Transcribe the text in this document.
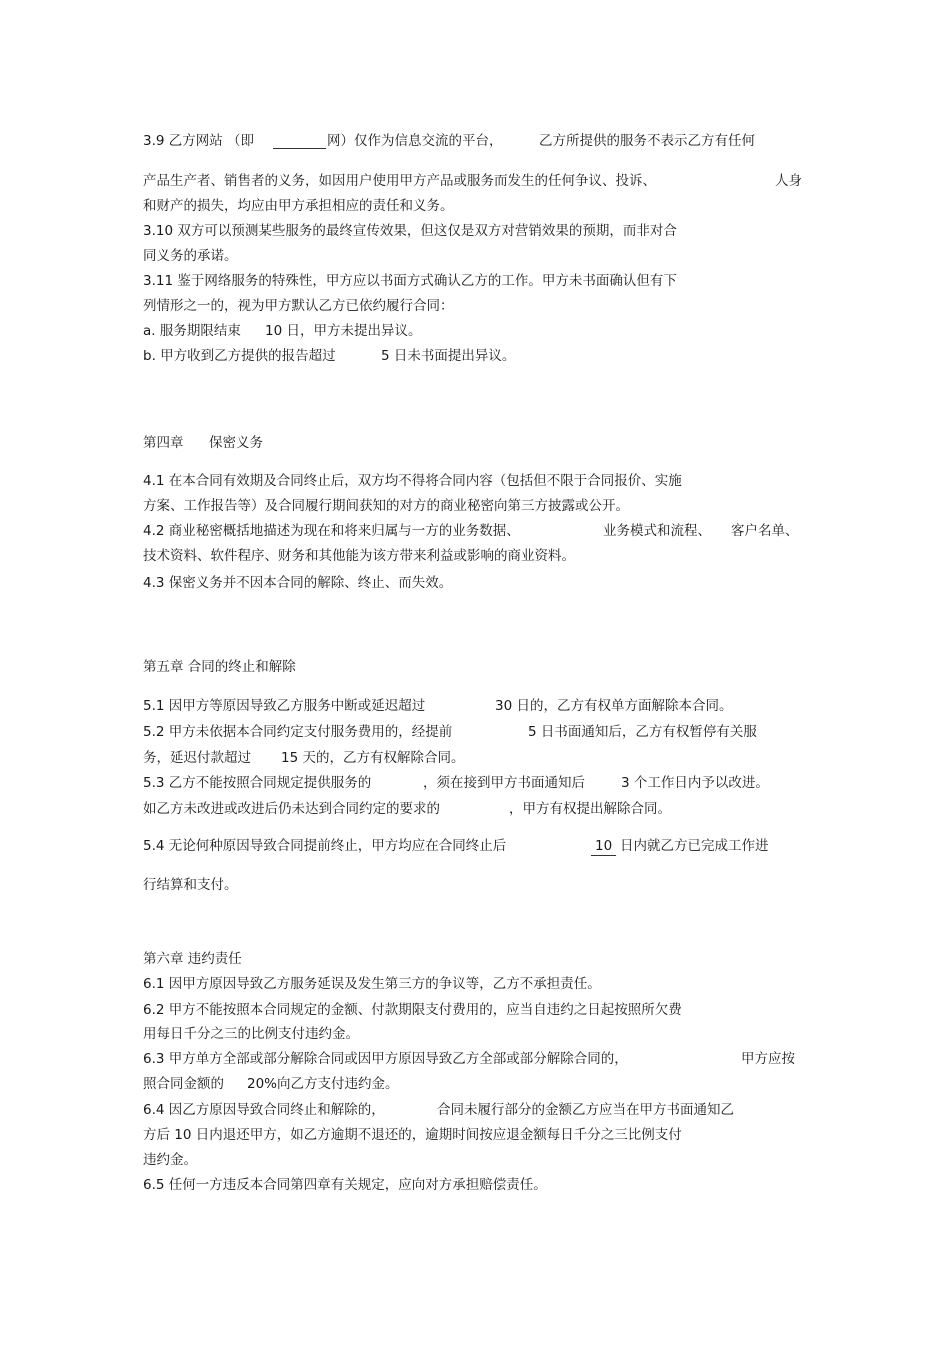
3.9 乙方网站 （即	网）仅作为信息交流的平台，	乙方所提供的服务不表示乙方有任何
产品生产者、销售者的义务，如因用户使用甲方产品或服务而发生的任何争议、投诉、	人身
和财产的损失，均应由甲方承担相应的责任和义务。
3.10 双方可以预测某些服务的最终宣传效果，但这仅是双方对营销效果的预期，而非对合
同义务的承诺。
3.11 鉴于网络服务的特殊性，甲方应以书面方式确认乙方的工作。甲方未书面确认但有下
列情形之一的，视为甲方默认乙方已依约履行合同：
a. 服务期限结束 10 日，甲方未提出异议。
b. 甲方收到乙方提供的报告超过	5 日未书面提出异议。
第四章 保密义务
4.1 在本合同有效期及合同终止后，双方均不得将合同内容（包括但不限于合同报价、实施
方案、工作报告等）及合同履行期间获知的对方的商业秘密向第三方披露或公开。
4.2 商业秘密概括地描述为现在和将来归属与一方的业务数据、	业务模式和流程、 客户名单、
技术资料、软件程序、财务和其他能为该方带来利益或影响的商业资料。
4.3 保密义务并不因本合同的解除、终止、而失效。
第五章 合同的终止和解除
5.1 因甲方等原因导致乙方服务中断或延迟超过	30 日的，乙方有权单方面解除本合同。
5.2 甲方未依据本合同约定支付服务费用的，经提前	5 日书面通知后，乙方有权暂停有关服
务，延迟付款超过 15 天的，乙方有权解除合同。
5.3 乙方不能按照合同规定提供服务的	，须在接到甲方书面通知后	3 个工作日内予以改进。
如乙方未改进或改进后仍未达到合同约定的要求的	，甲方有权提出解除合同。
5.4 无论何种原因导致合同提前终止，甲方均应在合同终止后	10 日内就乙方已完成工作进
行结算和支付。
第六章 违约责任
6.1 因甲方原因导致乙方服务延误及发生第三方的争议等，乙方不承担责任。
6.2 甲方不能按照本合同规定的金额、付款期限支付费用的，应当自违约之日起按照所欠费
用每日千分之三的比例支付违约金。
6.3 甲方单方全部或部分解除合同或因甲方原因导致乙方全部或部分解除合同的，	甲方应按
照合同金额的 20%向乙方支付违约金。
6.4 因乙方原因导致合同终止和解除的，	合同未履行部分的金额乙方应当在甲方书面通知乙
方后 10 日内退还甲方，如乙方逾期不退还的，逾期时间按应退金额每日千分之三比例支付
违约金。
6.5 任何一方违反本合同第四章有关规定，应向对方承担赔偿责任。
